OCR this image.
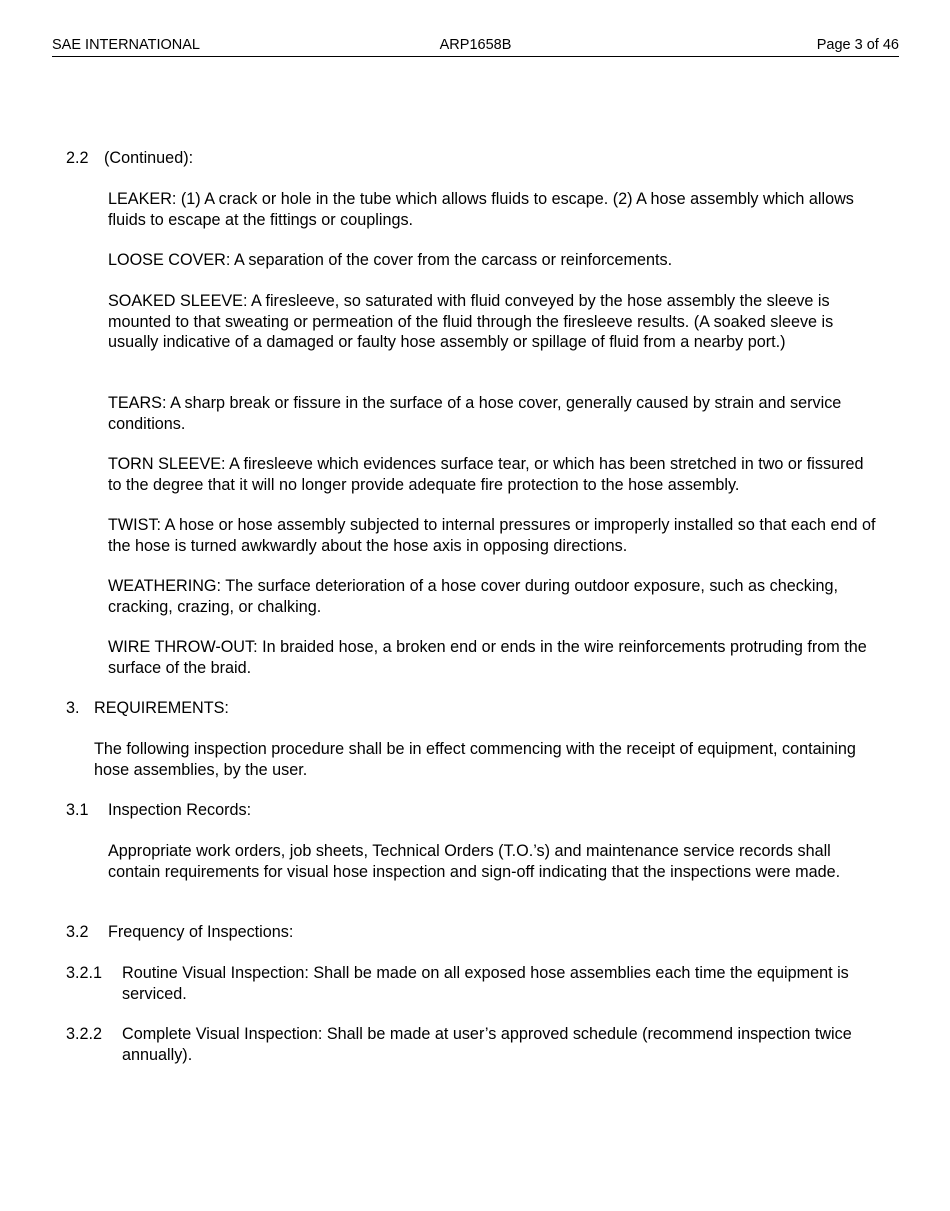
SAE INTERNATIONAL	ARP1658B	Page 3 of 46
2.2 (Continued):

LEAKER: (1) A crack or hole in the tube which allows fluids to escape. (2) A hose assembly which allows fluids to escape at the fittings or couplings.

LOOSE COVER: A separation of the cover from the carcass or reinforcements.

SOAKED SLEEVE: A firesleeve, so saturated with fluid conveyed by the hose assembly the sleeve is mounted to that sweating or permeation of the fluid through the firesleeve results. (A soaked sleeve is usually indicative of a damaged or faulty hose assembly or spillage of fluid from a nearby port.)

TEARS: A sharp break or fissure in the surface of a hose cover, generally caused by strain and service conditions.

TORN SLEEVE: A firesleeve which evidences surface tear, or which has been stretched in two or fissured to the degree that it will no longer provide adequate fire protection to the hose assembly.

TWIST: A hose or hose assembly subjected to internal pressures or improperly installed so that each end of the hose is turned awkwardly about the hose axis in opposing directions.

WEATHERING: The surface deterioration of a hose cover during outdoor exposure, such as checking, cracking, crazing, or chalking.

WIRE THROW-OUT: In braided hose, a broken end or ends in the wire reinforcements protruding from the surface of the braid.

3. REQUIREMENTS:

The following inspection procedure shall be in effect commencing with the receipt of equipment, containing hose assemblies, by the user.

3.1 Inspection Records:

Appropriate work orders, job sheets, Technical Orders (T.O.’s) and maintenance service records shall contain requirements for visual hose inspection and sign-off indicating that the inspections were made.

3.2 Frequency of Inspections:
3.2.1 Routine Visual Inspection: Shall be made on all exposed hose assemblies each time the equipment is serviced.

3.2.2 Complete Visual Inspection: Shall be made at user’s approved schedule (recommend inspection twice annually).
